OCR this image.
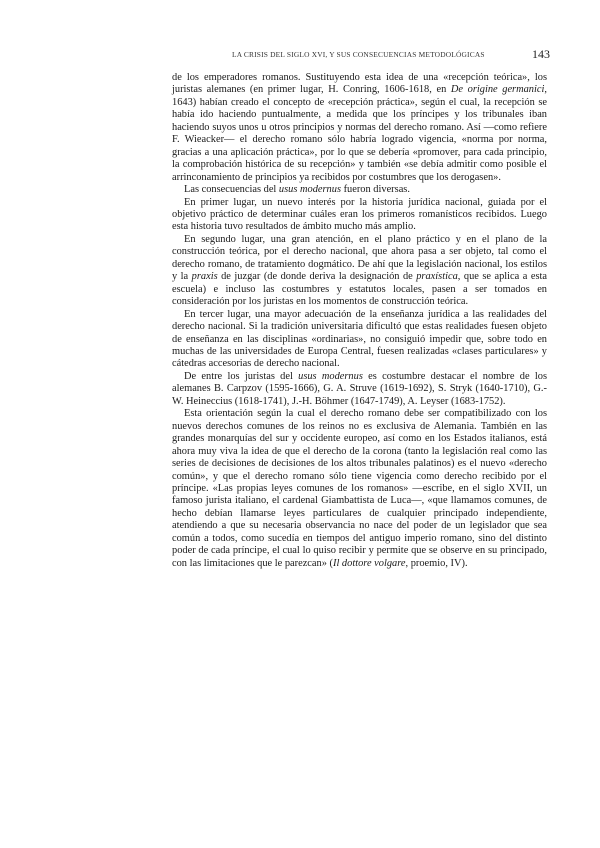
LA CRISIS DEL SIGLO XVI, Y SUS CONSECUENCIAS METODOLÓGICAS	143

de los emperadores romanos. Sustituyendo esta idea de una «recepción teórica», los juristas alemanes (en primer lugar, H. Conring, 1606-1618, en De origine germanici, 1643) habían creado el concepto de «recepción práctica», según el cual, la recepción se había ido haciendo puntualmente, a medida que los príncipes y los tribunales iban haciendo suyos unos u otros principios y normas del derecho romano. Así —como refiere F. Wieacker— el derecho romano sólo habría logrado vigencia, «norma por norma, gracias a una aplicación práctica», por lo que se debería «promover, para cada principio, la comprobación histórica de su recepción» y también «se debía admitir como posible el arrinconamiento de principios ya recibidos por costumbres que los derogasen».

Las consecuencias del usus modernus fueron diversas.

En primer lugar, un nuevo interés por la historia jurídica nacional, guiada por el objetivo práctico de determinar cuáles eran los primeros romanísticos recibidos. Luego esta historia tuvo resultados de ámbito mucho más amplio.

En segundo lugar, una gran atención, en el plano práctico y en el plano de la construcción teórica, por el derecho nacional, que ahora pasa a ser objeto, tal como el derecho romano, de tratamiento dogmático. De ahí que la legislación nacional, los estilos y la praxis de juzgar (de donde deriva la designación de praxística, que se aplica a esta escuela) e incluso las costumbres y estatutos locales, pasen a ser tomados en consideración por los juristas en los momentos de construcción teórica.

En tercer lugar, una mayor adecuación de la enseñanza jurídica a las realidades del derecho nacional. Si la tradición universitaria dificultó que estas realidades fuesen objeto de enseñanza en las disciplinas «ordinarias», no consiguió impedir que, sobre todo en muchas de las universidades de Europa Central, fuesen realizadas «clases particulares» y cátedras accesorias de derecho nacional.

De entre los juristas del usus modernus es costumbre destacar el nombre de los alemanes B. Carpzov (1595-1666), G. A. Struve (1619-1692), S. Stryk (1640-1710), G.-W. Heineccius (1618-1741), J.-H. Böhmer (1647-1749), A. Leyser (1683-1752).

Esta orientación según la cual el derecho romano debe ser compatibilizado con los nuevos derechos comunes de los reinos no es exclusiva de Alemania. También en las grandes monarquías del sur y occidente europeo, así como en los Estados italianos, está ahora muy viva la idea de que el derecho de la corona (tanto la legislación real como las series de decisiones de decisiones de los altos tribunales palatinos) es el nuevo «derecho común», y que el derecho romano sólo tiene vigencia como derecho recibido por el príncipe. «Las propias leyes comunes de los romanos» —escribe, en el siglo XVII, un famoso jurista italiano, el cardenal Giambattista de Luca—, «que llamamos comunes, de hecho debían llamarse leyes particulares de cualquier principado independiente, atendiendo a que su necesaria observancia no nace del poder de un legislador que sea común a todos, como sucedía en tiempos del antiguo imperio romano, sino del distinto poder de cada príncipe, el cual lo quiso recibir y permite que se observe en su principado, con las limitaciones que le parezcan» (Il dottore volgare, proemio, IV).
